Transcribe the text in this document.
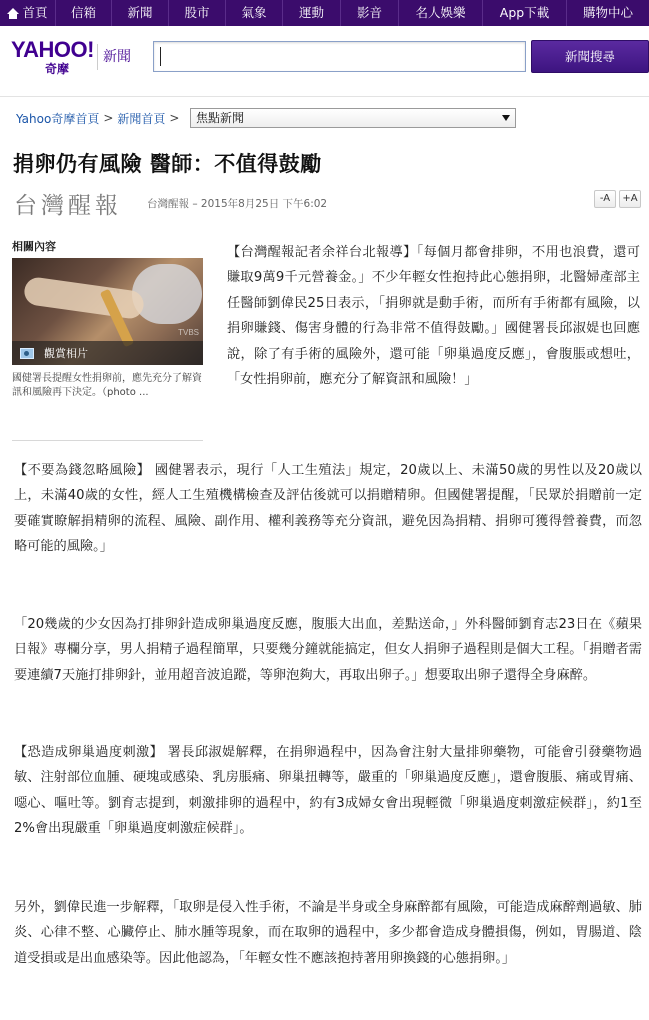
首頁	信箱	新聞	股市	氣象	運動	影音	名人娛樂	App下載	購物中心
YAHOO!
奇摩
新聞	新聞搜尋
Yahoo奇摩首頁 > 新聞首頁 >	焦點新聞
捐卵仍有風險 醫師：不值得鼓勵
台灣醒報 台灣醒報 – 2015年8月25日 下午6:02	-A	+A
相關內容
TVBS
觀賞相片
國健署長提醒女性捐卵前，應先充分了解資訊和風險再下決定。（photo ...

【台灣醒報記者余祥台北報導】「每個月都會排卵，不用也浪費，還可賺取9萬9千元營養金。」不少年輕女性抱持此心態捐卵，北醫婦產部主任醫師劉偉民25日表示，「捐卵就是動手術，而所有手術都有風險，以捐卵賺錢、傷害身體的行為非常不值得鼓勵。」國健署長邱淑媞也回應說，除了有手術的風險外，還可能「卵巢過度反應」，會腹脹或想吐，「女性捐卵前，應充分了解資訊和風險！」

【不要為錢忽略風險】 國健署表示，現行「人工生殖法」規定，20歲以上、未滿50歲的男性以及20歲以上，未滿40歲的女性，經人工生殖機構檢查及評估後就可以捐贈精卵。但國健署提醒，「民眾於捐贈前一定要確實瞭解捐精卵的流程、風險、副作用、權利義務等充分資訊，避免因為捐精、捐卵可獲得營養費，而忽略可能的風險。」

「20幾歲的少女因為打排卵針造成卵巢過度反應，腹脹大出血，差點送命，」外科醫師劉育志23日在《蘋果日報》專欄分享，男人捐精子過程簡單，只要幾分鐘就能搞定，但女人捐卵子過程則是個大工程。「捐贈者需要連續7天施打排卵針，並用超音波追蹤，等卵泡夠大，再取出卵子。」想要取出卵子還得全身麻醉。

【恐造成卵巢過度刺激】 署長邱淑媞解釋，在捐卵過程中，因為會注射大量排卵藥物，可能會引發藥物過敏、注射部位血腫、硬塊或感染、乳房脹痛、卵巢扭轉等，嚴重的「卵巢過度反應」，還會腹脹、痛或胃痛、噁心、嘔吐等。劉育志提到，刺激排卵的過程中，約有3成婦女會出現輕微「卵巢過度刺激症候群」，約1至2%會出現嚴重「卵巢過度刺激症候群」。

另外，劉偉民進一步解釋，「取卵是侵入性手術，不論是半身或全身麻醉都有風險，可能造成麻醉劑過敏、肺炎、心律不整、心臟停止、肺水腫等現象，而在取卵的過程中，多少都會造成身體損傷，例如，胃腸道、陰道受損或是出血感染等。因此他認為，「年輕女性不應該抱持著用卵換錢的心態捐卵。」
